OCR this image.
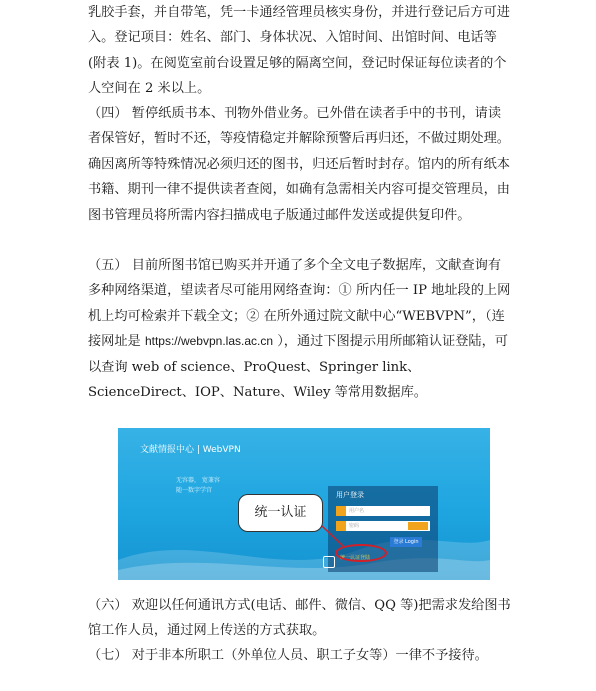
乳胶手套，并自带笔，凭一卡通经管理员核实身份，并进行登记后方可进入。登记项目：姓名、部门、身体状况、入馆时间、出馆时间、电话等(附表 1)。在阅览室前台设置足够的隔离空间，登记时保证每位读者的个人空间在 2 米以上。

（四） 暂停纸质书本、刊物外借业务。已外借在读者手中的书刊，请读者保管好，暂时不还，等疫情稳定并解除预警后再归还，不做过期处理。确因离所等特殊情况必须归还的图书，归还后暂时封存。馆内的所有纸本书籍、期刊一律不提供读者查阅，如确有急需相关内容可提交管理员，由图书管理员将所需内容扫描成电子版通过邮件发送或提供复印件。

（五） 目前所图书馆已购买并开通了多个全文电子数据库，文献查询有多种网络渠道，望读者尽可能用网络查询：① 所内任一 IP 地址段的上网机上均可检索并下载全文；② 在所外通过院文献中心“WEBVPN”，（连接网址是 https://webvpn.las.ac.cn ），通过下图提示用所邮箱认证登陆，可以查询 web of science、ProQuest、Springer link、ScienceDirect、IOP、Nature、Wiley 等常用数据库。

文献情报中心 | WebVPN
无容器， 宽兼容
随一数字学宫
用户登录
用户名
密码
登录 Login
统一认证登陆
统一认证

（六） 欢迎以任何通讯方式(电话、邮件、微信、QQ 等)把需求发给图书馆工作人员，通过网上传送的方式获取。

（七） 对于非本所职工（外单位人员、职工子女等）一律不予接待。
